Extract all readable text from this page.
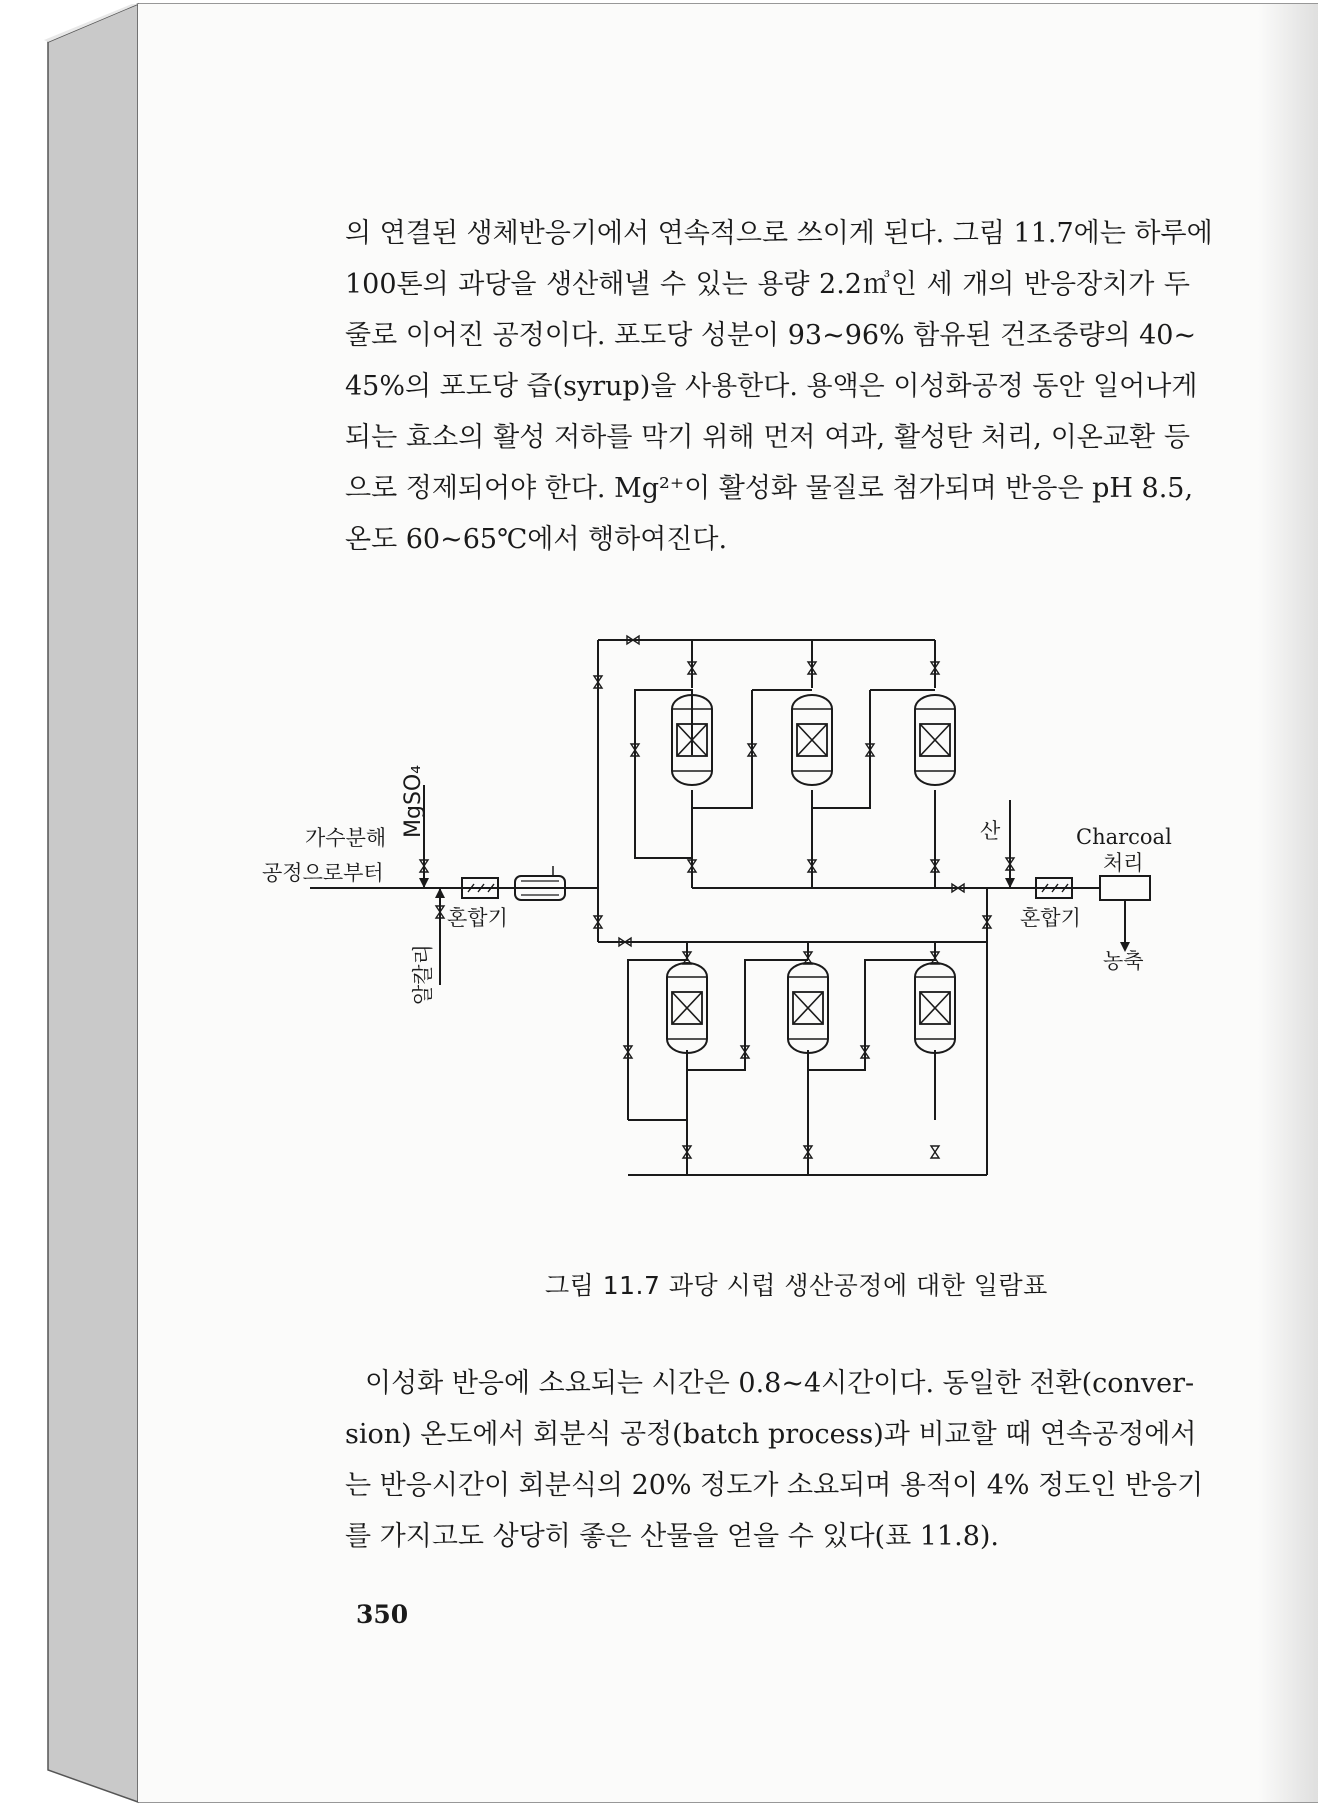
의 연결된 생체반응기에서 연속적으로 쓰이게 된다. 그림 11.7에는 하루에
100톤의 과당을 생산해낼 수 있는 용량 2.2㎥인 세 개의 반응장치가 두
줄로 이어진 공정이다. 포도당 성분이 93~96% 함유된 건조중량의 40~
45%의 포도당 즙(syrup)을 사용한다. 용액은 이성화공정 동안 일어나게
되는 효소의 활성 저하를 막기 위해 먼저 여과, 활성탄 처리, 이온교환 등
으로 정제되어야 한다. Mg²⁺이 활성화 물질로 첨가되며 반응은 pH 8.5,
온도 60~65℃에서 행하여진다.
MgSO₄
가수분해
공정으로부터
알칼리
혼합기
산	Charcoal
처리
혼합기
농축
그림 11.7 과당 시럽 생산공정에 대한 일람표
이성화 반응에 소요되는 시간은 0.8~4시간이다. 동일한 전환(conver-
sion) 온도에서 회분식 공정(batch process)과 비교할 때 연속공정에서
는 반응시간이 회분식의 20% 정도가 소요되며 용적이 4% 정도인 반응기
를 가지고도 상당히 좋은 산물을 얻을 수 있다(표 11.8).
350
